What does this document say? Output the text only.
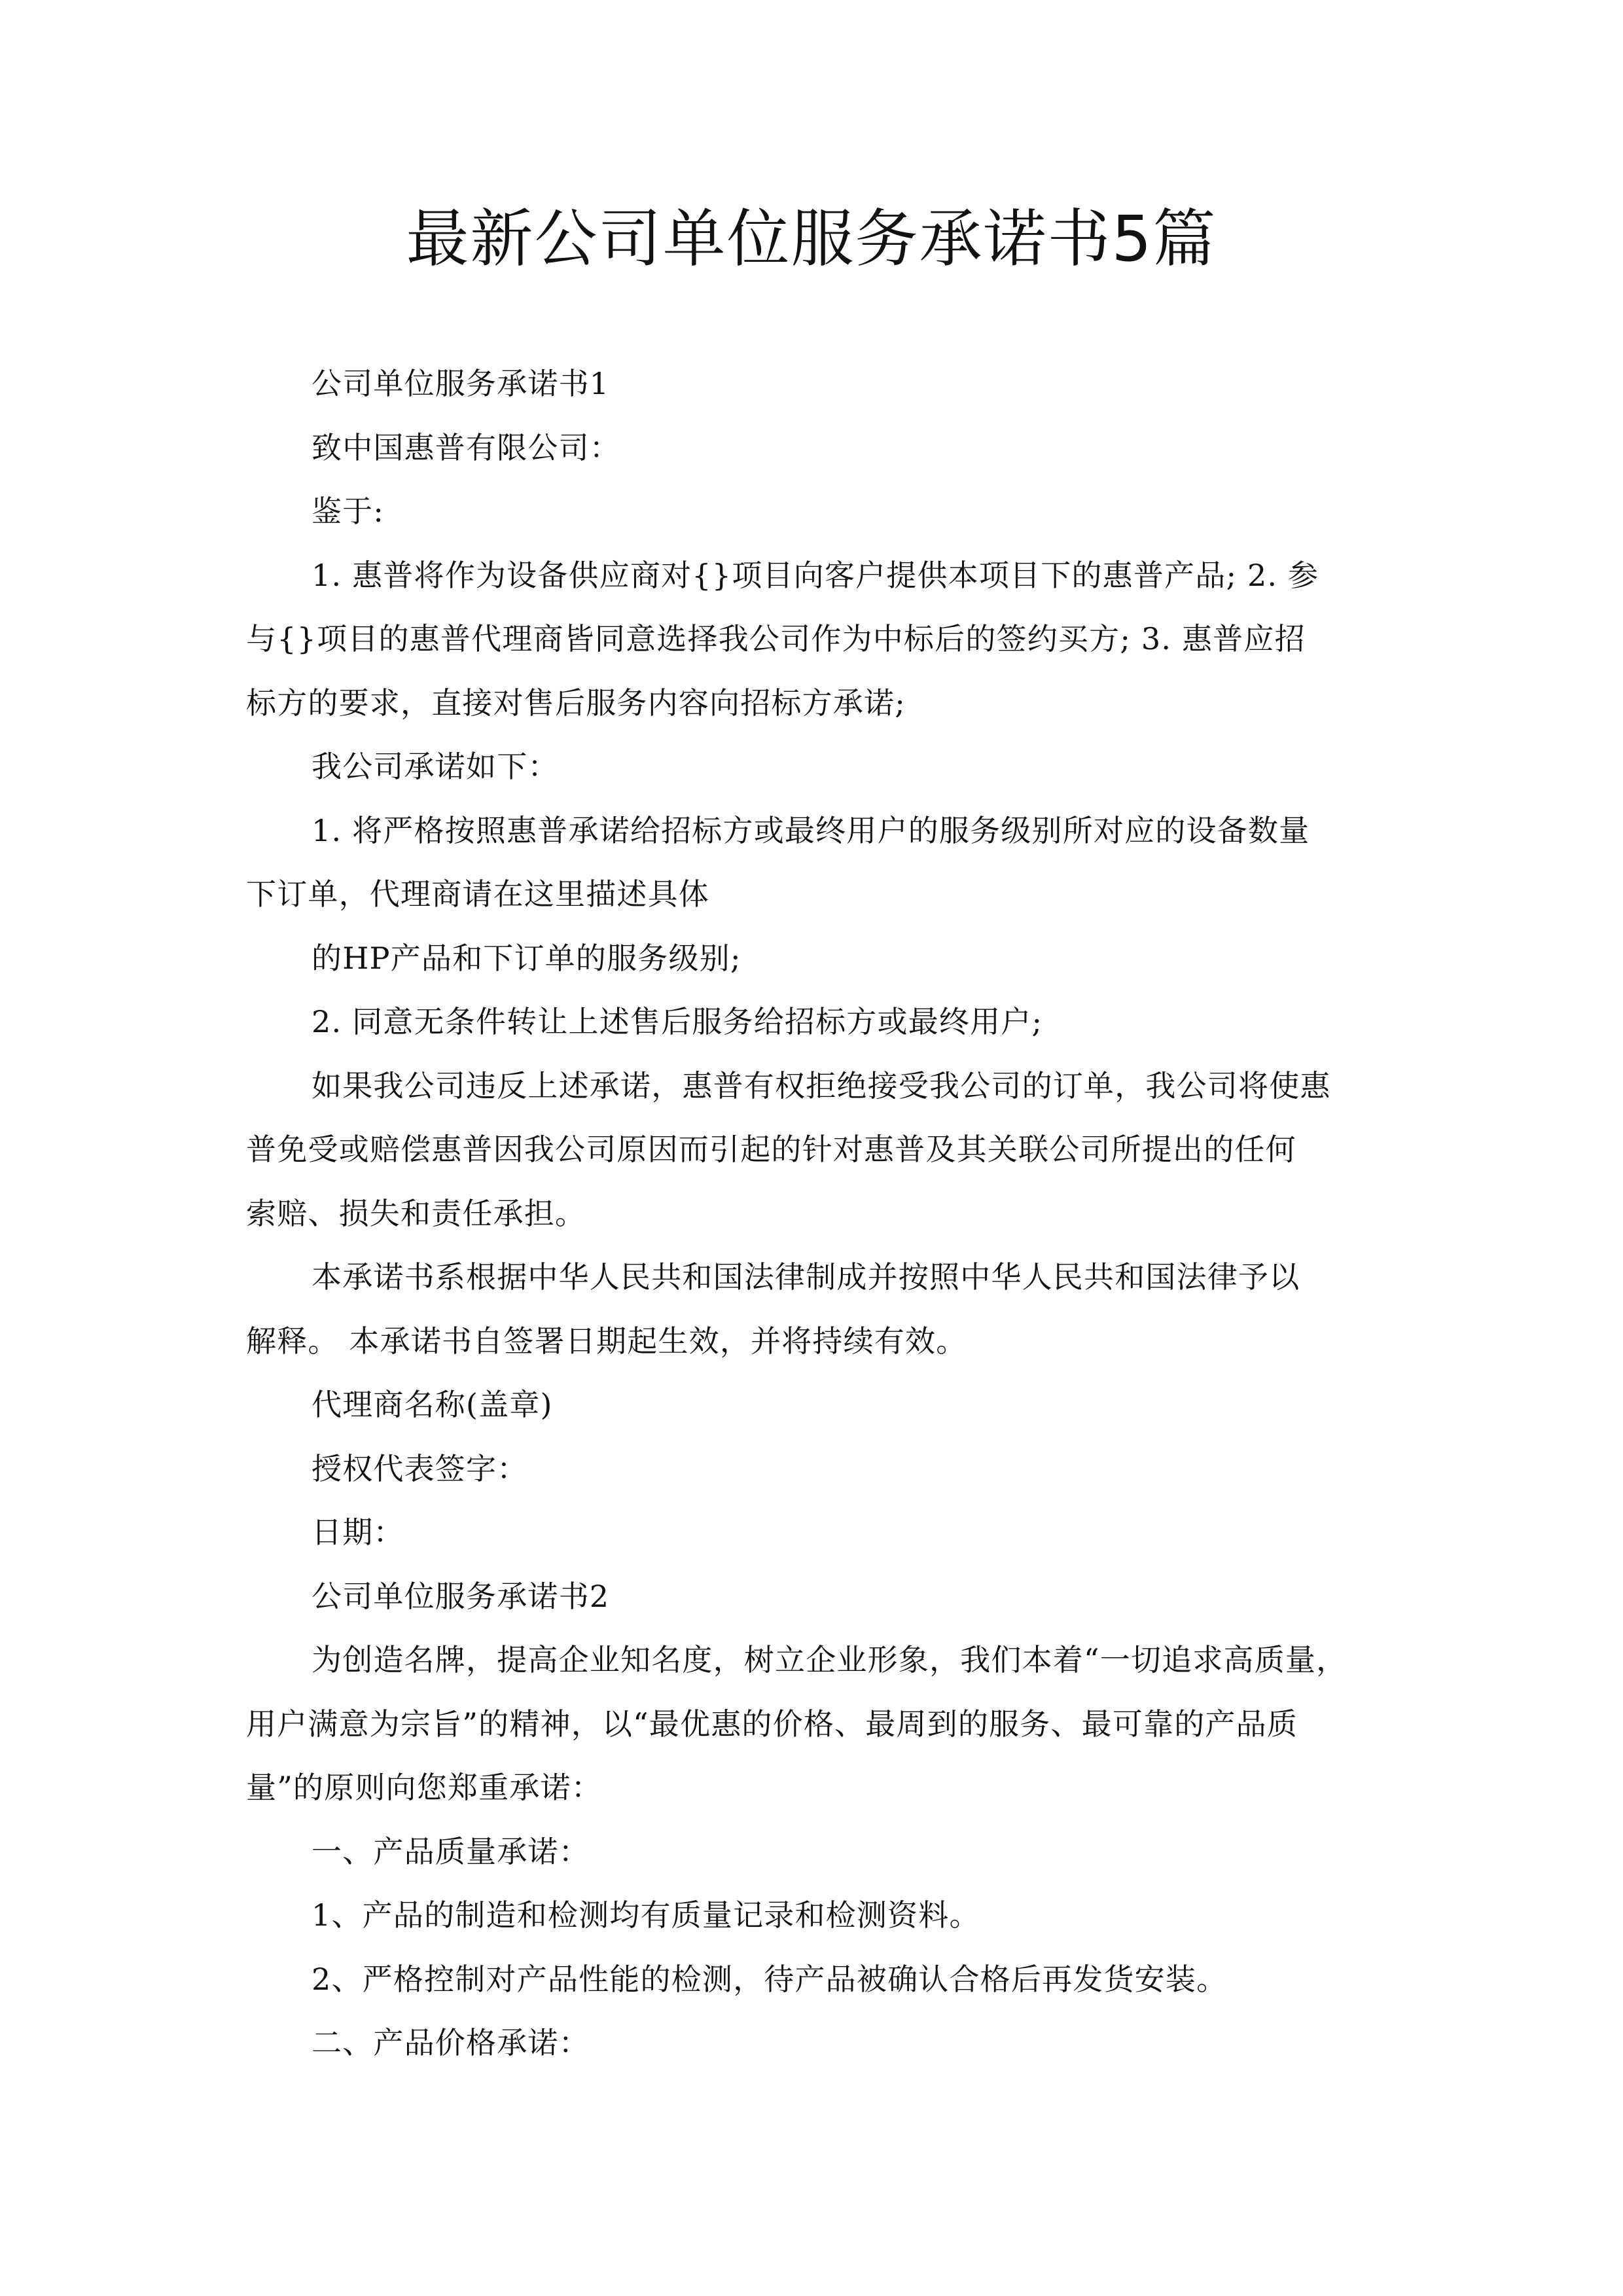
最新公司单位服务承诺书5篇
公司单位服务承诺书1
致中国惠普有限公司：
鉴于:
1. 惠普将作为设备供应商对{}项目向客户提供本项目下的惠普产品; 2. 参
与{}项目的惠普代理商皆同意选择我公司作为中标后的签约买方; 3. 惠普应招
标方的要求，直接对售后服务内容向招标方承诺;
我公司承诺如下：
1. 将严格按照惠普承诺给招标方或最终用户的服务级别所对应的设备数量
下订单，代理商请在这里描述具体
的HP产品和下订单的服务级别;
2. 同意无条件转让上述售后服务给招标方或最终用户;
如果我公司违反上述承诺，惠普有权拒绝接受我公司的订单，我公司将使惠
普免受或赔偿惠普因我公司原因而引起的针对惠普及其关联公司所提出的任何
索赔、损失和责任承担。
本承诺书系根据中华人民共和国法律制成并按照中华人民共和国法律予以
解释。 本承诺书自签署日期起生效，并将持续有效。
代理商名称(盖章)
授权代表签字：
日期：
公司单位服务承诺书2
为创造名牌，提高企业知名度，树立企业形象，我们本着“一切追求高质量，
用户满意为宗旨”的精神，以“最优惠的价格、最周到的服务、最可靠的产品质
量”的原则向您郑重承诺：
一、产品质量承诺：
1、产品的制造和检测均有质量记录和检测资料。
2、严格控制对产品性能的检测，待产品被确认合格后再发货安装。
二、产品价格承诺：
